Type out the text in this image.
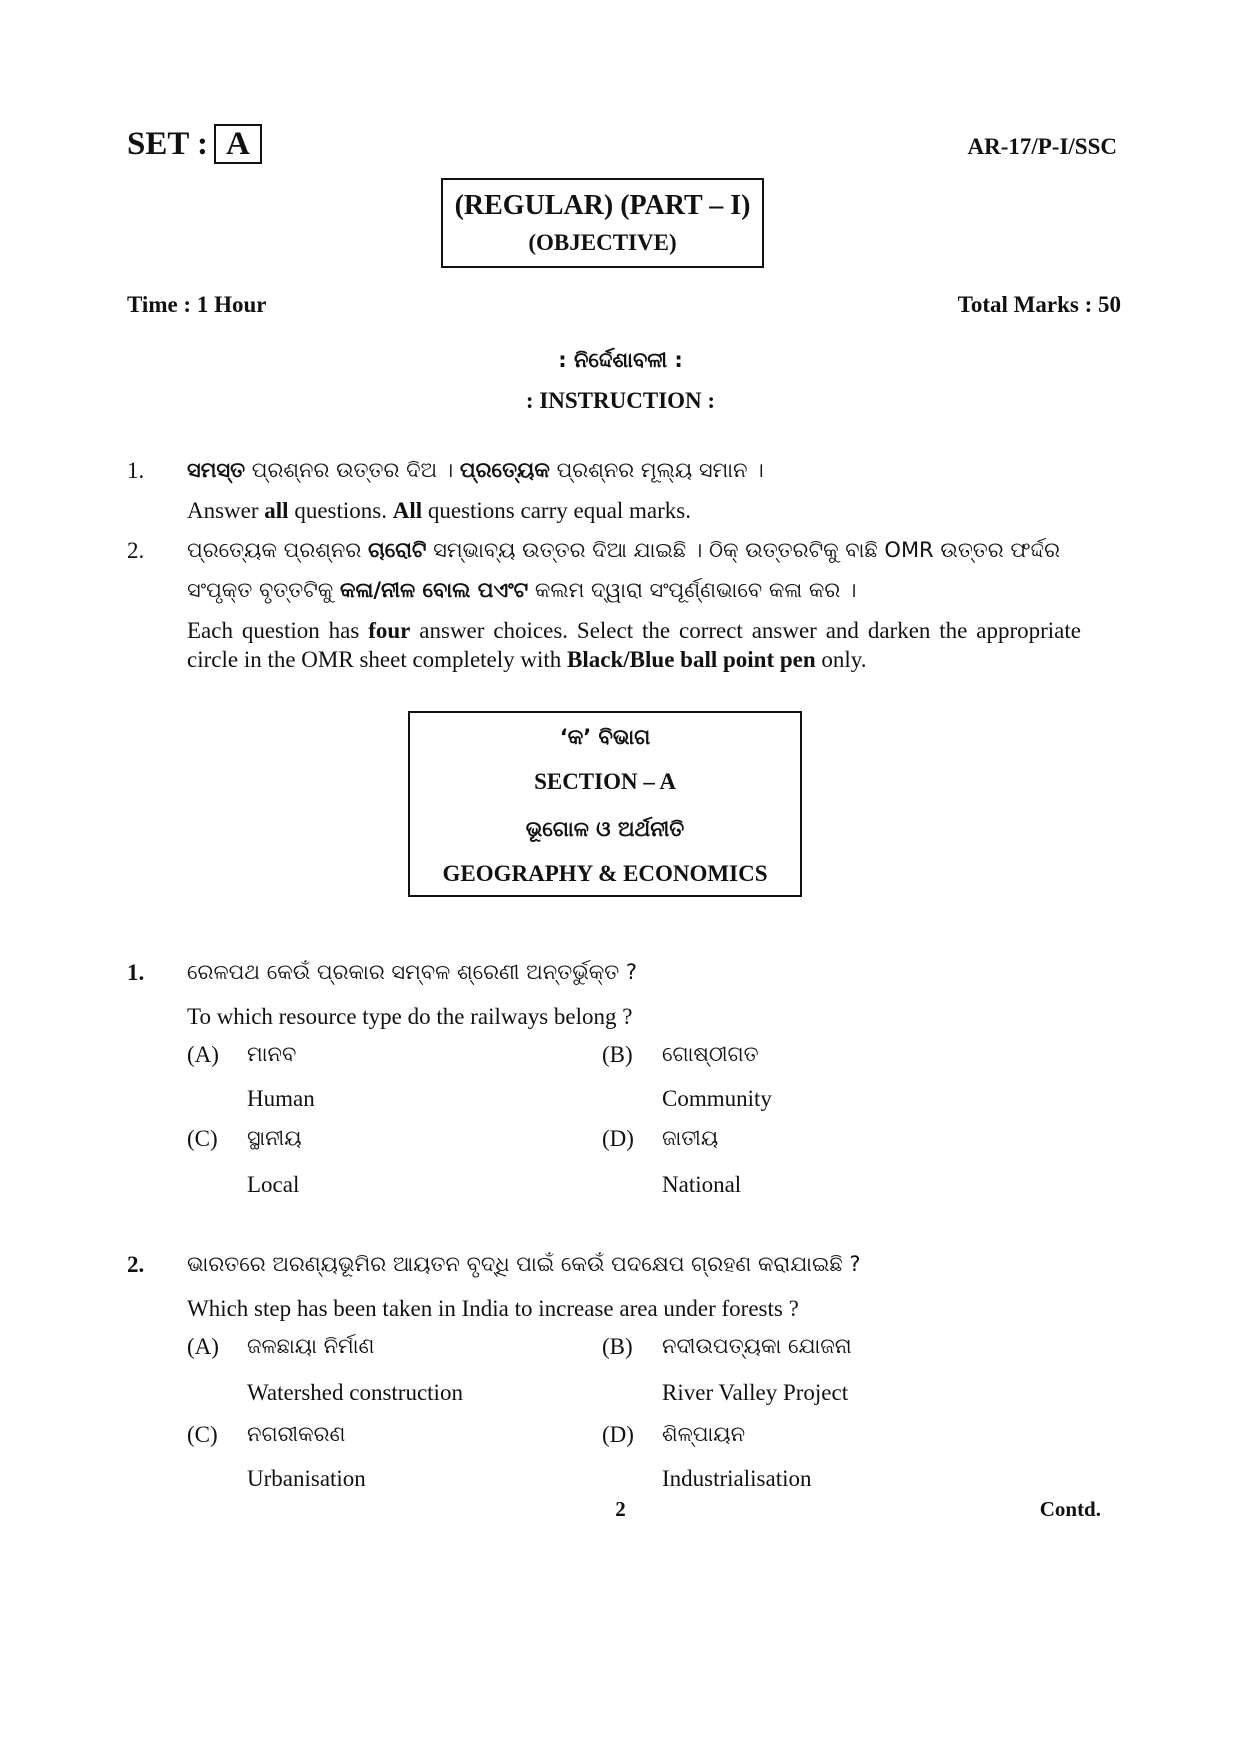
SET : A	AR-17/P-I/SSC
(REGULAR) (PART – I)
(OBJECTIVE)
Time : 1 Hour	Total Marks : 50
: ନିର୍ଦ୍ଦେଶାବଳୀ :
: INSTRUCTION :
1. ସମସ୍ତ ପ୍ରଶ୍ନର ଉତ୍ତର ଦିଅ । ପ୍ରତ୍ୟେକ ପ୍ରଶ୍ନର ମୂଲ୍ୟ ସମାନ ।
Answer all questions. All questions carry equal marks.
2. ପ୍ରତ୍ୟେକ ପ୍ରଶ୍ନର ଚାରୋଟି ସମ୍ଭାବ୍ୟ ଉତ୍ତର ଦିଆ ଯାଇଛି । ଠିକ୍ ଉତ୍ତରଟିକୁ ବାଛି OMR ଉତ୍ତର ଫର୍ଦ୍ଦର
ସଂପୃକ୍ତ ବୃତ୍ତଟିକୁ କଳା/ନୀଳ ବୋଲ ପଏଂଟ କଲମ ଦ୍ୱାରା ସଂପୂର୍ଣ୍ଣଭାବେ କଳା କର ।
Each question has four answer choices. Select the correct answer and darken the appropriate circle in the OMR sheet completely with Black/Blue ball point pen only.
‘କ’ ବିଭାଗ
SECTION – A
ଭୂଗୋଳ ଓ ଅର୍ଥନୀତି
GEOGRAPHY & ECONOMICS
1. ରେଳପଥ କେଉଁ ପ୍ରକାର ସମ୍ବଳ ଶ୍ରେଣୀ ଅନ୍ତର୍ଭୁକ୍ତ ?
To which resource type do the railways belong ?
(A) ମାନବ
Human
(B) ଗୋଷ୍ଠୀଗତ
Community
(C) ସ୍ଥାନୀୟ
Local
(D) ଜାତୀୟ
National
2. ଭାରତରେ ଅରଣ୍ୟଭୂମିର ଆୟତନ ବୃଦ୍ଧି ପାଇଁ କେଉଁ ପଦକ୍ଷେପ ଗ୍ରହଣ କରାଯାଇଛି ?
Which step has been taken in India to increase area under forests ?
(A) ଜଳଛାୟା ନିର୍ମାଣ
Watershed construction
(B) ନଦୀଉପତ୍ୟକା ଯୋଜନା
River Valley Project
(C) ନଗରୀକରଣ
Urbanisation
(D) ଶିଳ୍ପାୟନ
Industrialisation
2	Contd.
